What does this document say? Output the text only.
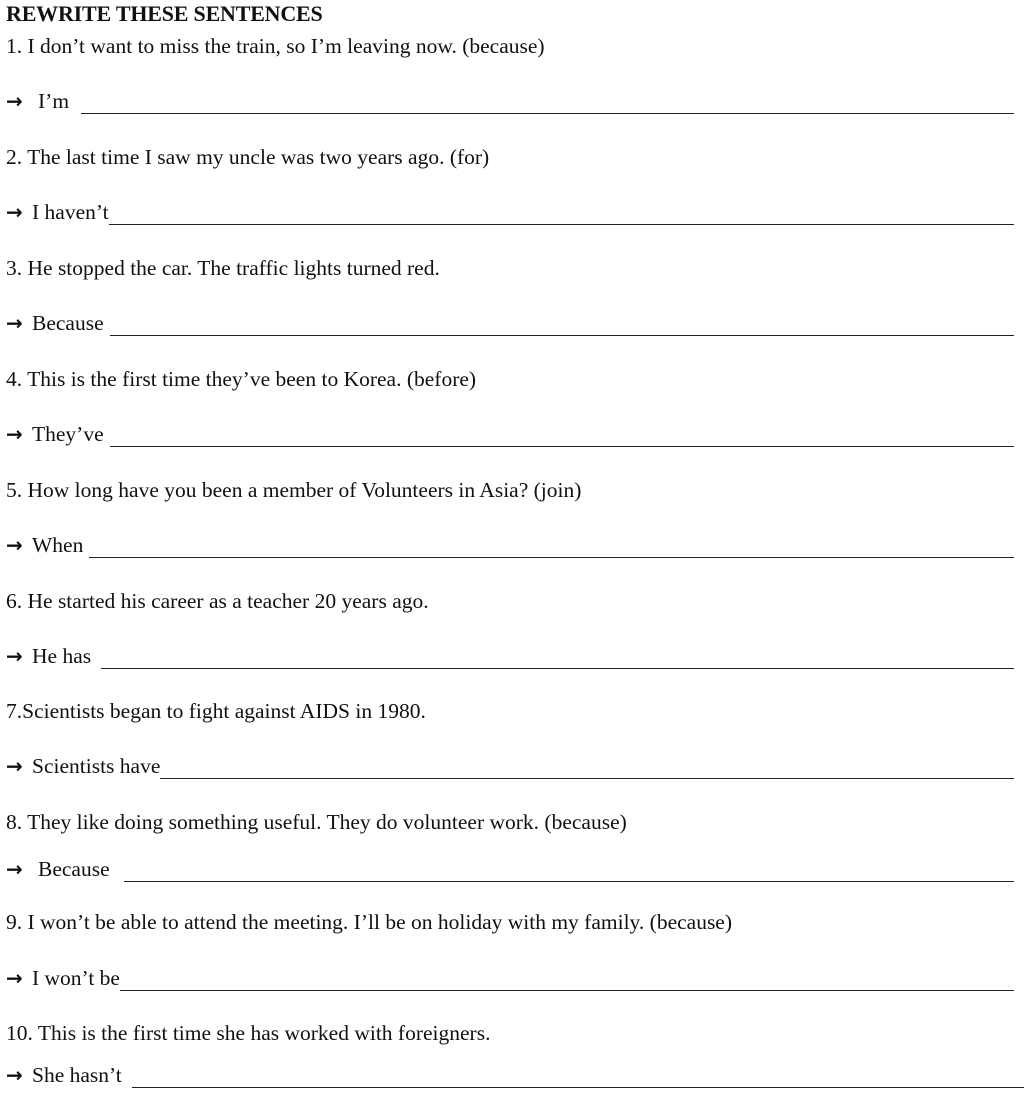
REWRITE THESE SENTENCES
1. I don’t want to miss the train, so I’m leaving now. (because)
→ I’m
2. The last time I saw my uncle was two years ago. (for)
→ I haven’t
3. He stopped the car. The traffic lights turned red.
→ Because
4. This is the first time they’ve been to Korea. (before)
→ They’ve
5. How long have you been a member of Volunteers in Asia? (join)
→ When
6. He started his career as a teacher 20 years ago.
→ He has
7.Scientists began to fight against AIDS in 1980.
→ Scientists have
8. They like doing something useful. They do volunteer work. (because)
→ Because
9. I won’t be able to attend the meeting. I’ll be on holiday with my family. (because)
→ I won’t be
10. This is the first time she has worked with foreigners.
→ She hasn’t
